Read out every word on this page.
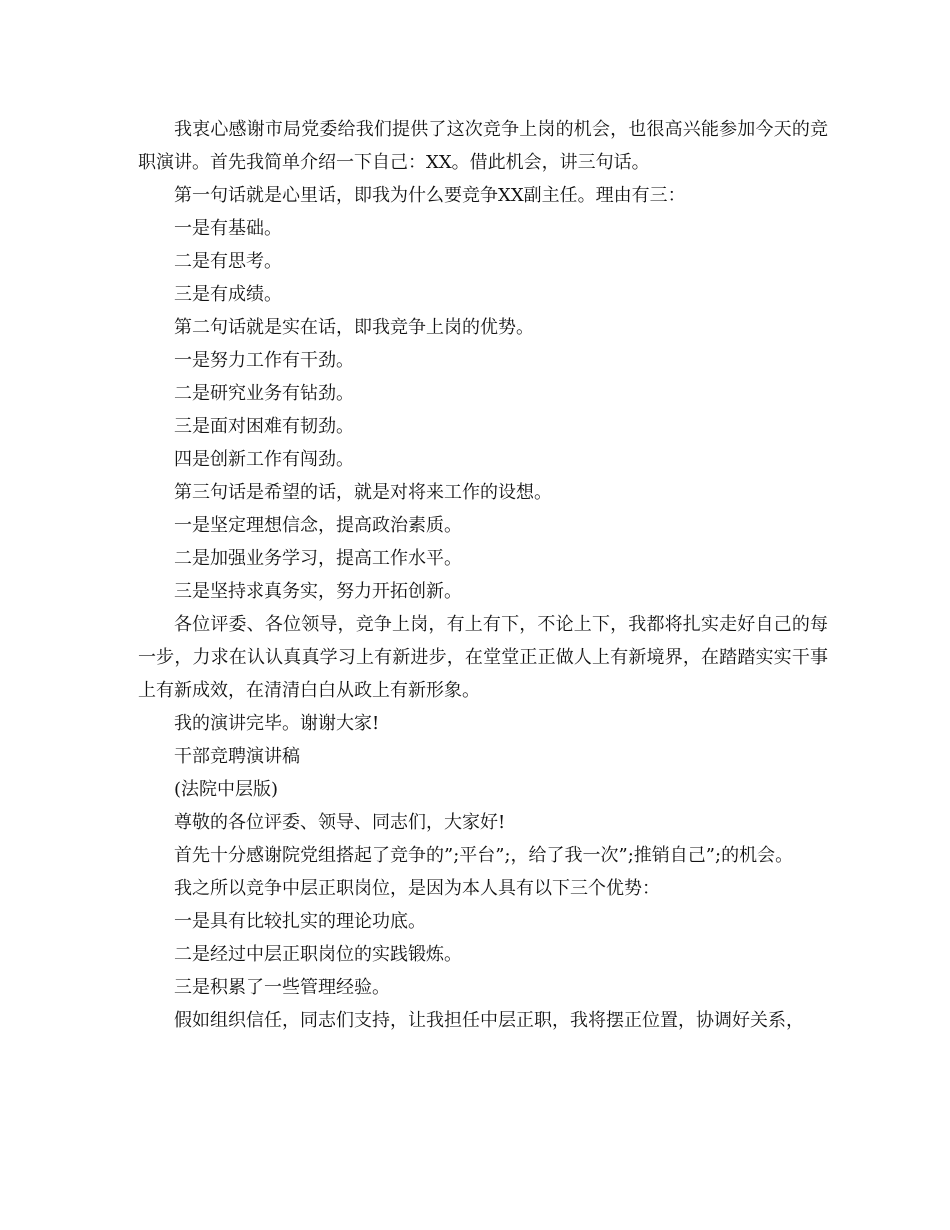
我衷心感谢市局党委给我们提供了这次竞争上岗的机会，也很高兴能参加今天的竞职演讲。首先我简单介绍一下自己：XX。借此机会，讲三句话。

第一句话就是心里话，即我为什么要竞争XX副主任。理由有三：

一是有基础。

二是有思考。

三是有成绩。

第二句话就是实在话，即我竞争上岗的优势。

一是努力工作有干劲。

二是研究业务有钻劲。

三是面对困难有韧劲。

四是创新工作有闯劲。

第三句话是希望的话，就是对将来工作的设想。

一是坚定理想信念，提高政治素质。

二是加强业务学习，提高工作水平。

三是坚持求真务实，努力开拓创新。

各位评委、各位领导，竞争上岗，有上有下，不论上下，我都将扎实走好自己的每一步，力求在认认真真学习上有新进步，在堂堂正正做人上有新境界，在踏踏实实干事上有新成效，在清清白白从政上有新形象。

我的演讲完毕。谢谢大家!

干部竞聘演讲稿

(法院中层版)

尊敬的各位评委、领导、同志们，大家好!

首先十分感谢院党组搭起了竞争的”;平台”;，给了我一次”;推销自己”;的机会。

我之所以竞争中层正职岗位，是因为本人具有以下三个优势：

一是具有比较扎实的理论功底。

二是经过中层正职岗位的实践锻炼。

三是积累了一些管理经验。

假如组织信任，同志们支持，让我担任中层正职，我将摆正位置，协调好关系，
